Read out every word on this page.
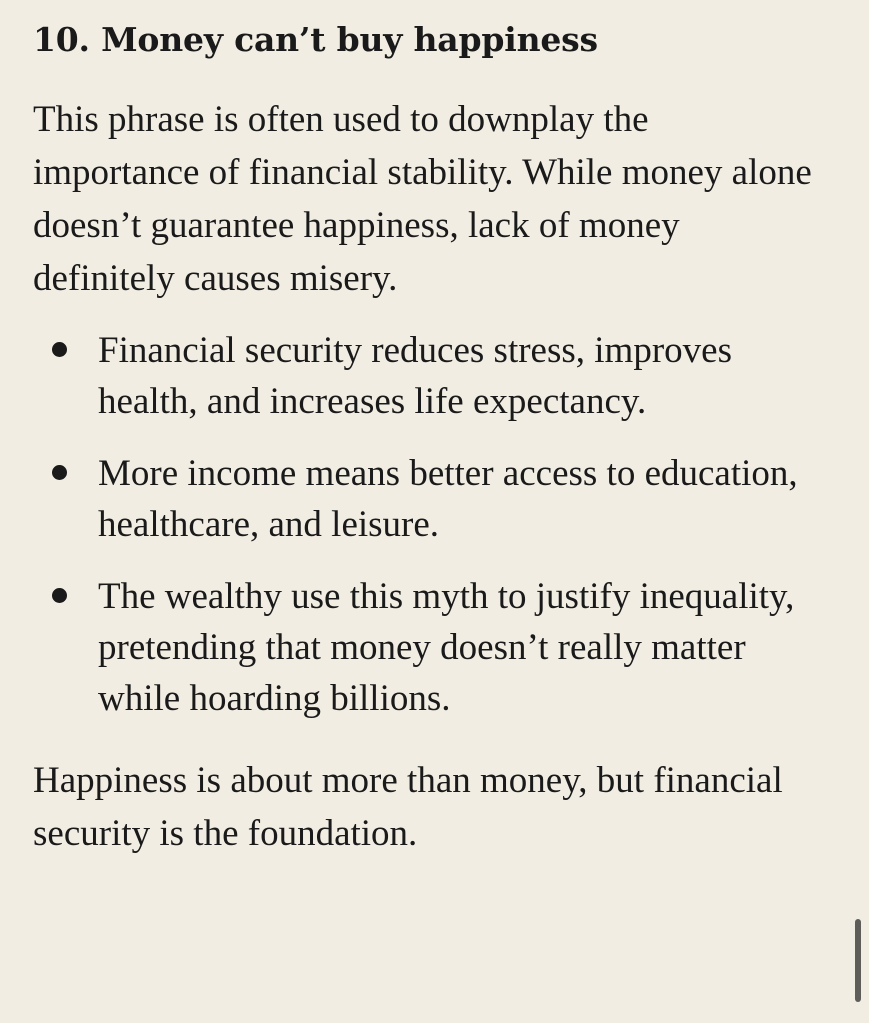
10. Money can’t buy happiness

This phrase is often used to downplay the importance of financial stability. While money alone doesn’t guarantee happiness, lack of money definitely causes misery.

Financial security reduces stress, improves health, and increases life expectancy.
More income means better access to education, healthcare, and leisure.
The wealthy use this myth to justify inequality, pretending that money doesn’t really matter while hoarding billions.

Happiness is about more than money, but financial security is the foundation.
